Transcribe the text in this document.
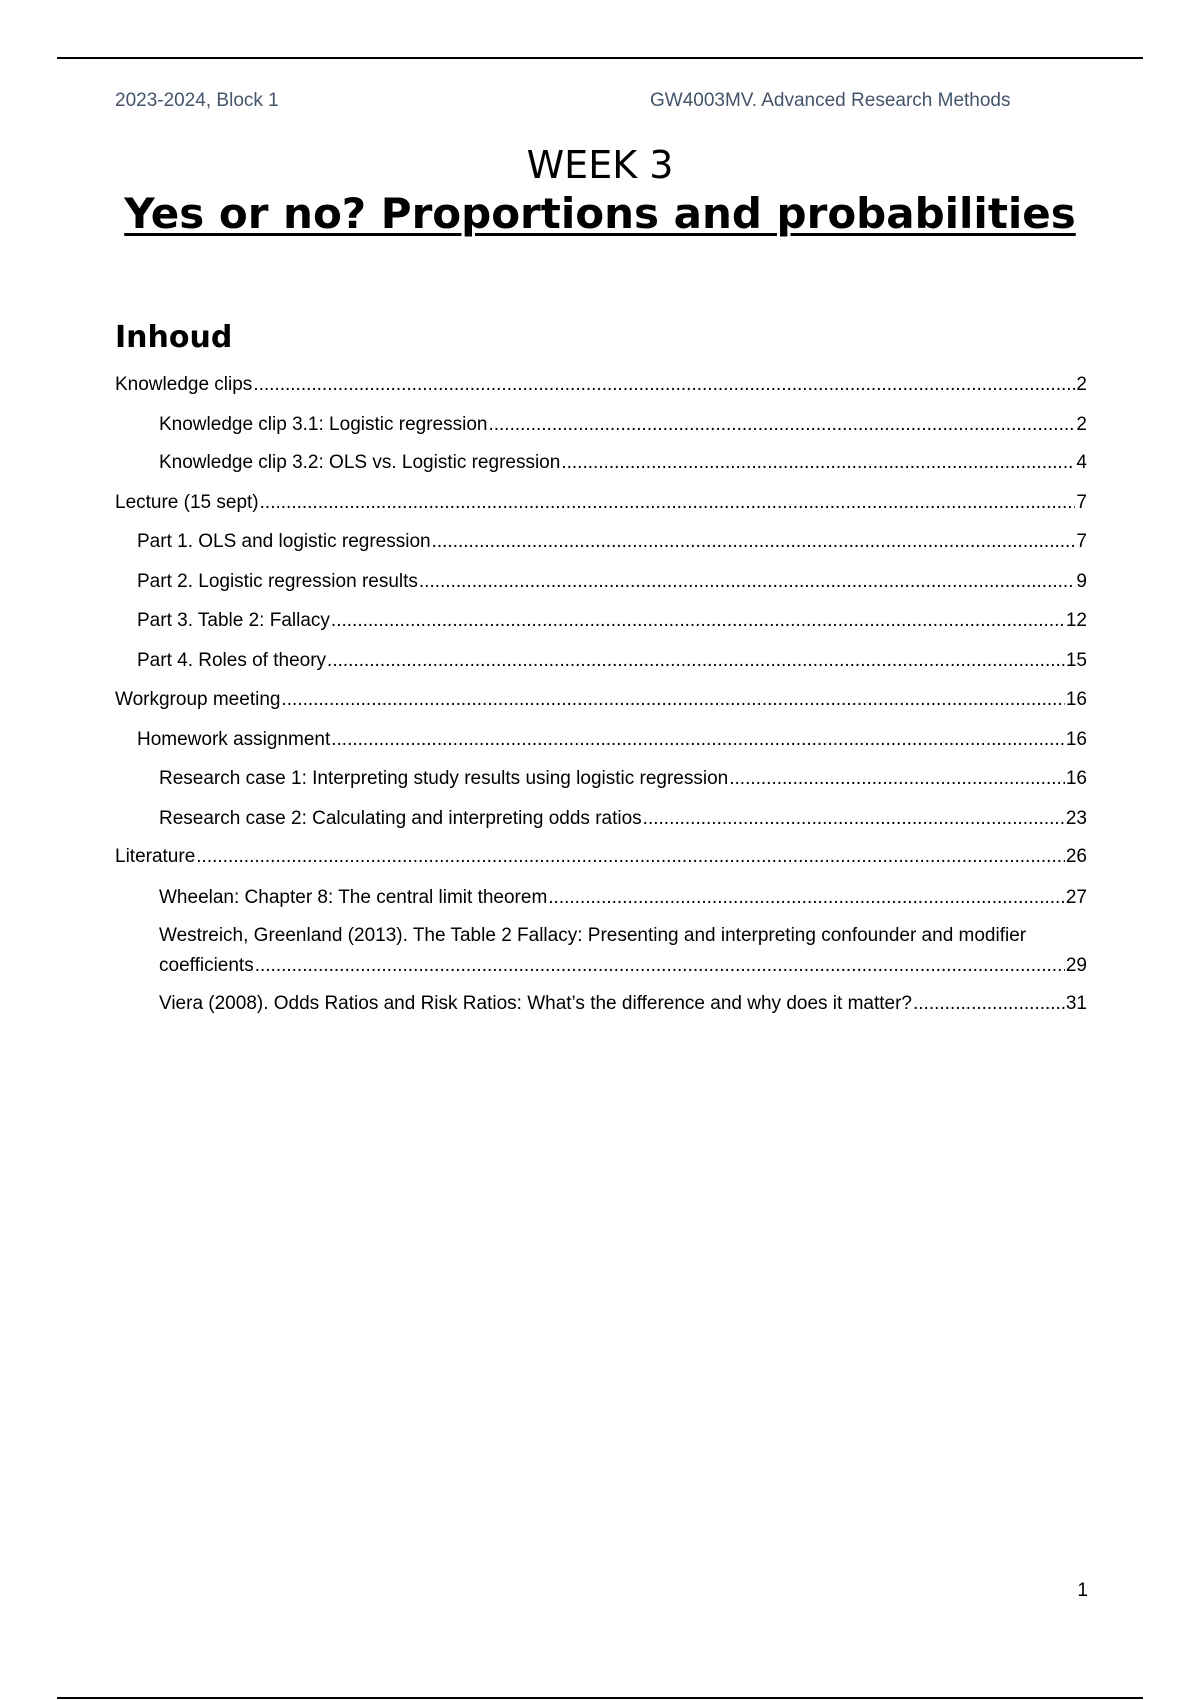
2023-2024, Block 1	GW4003MV. Advanced Research Methods
WEEK 3
Yes or no? Proportions and probabilities
Inhoud
Knowledge clips .....	2
Knowledge clip 3.1: Logistic regression .....	2
Knowledge clip 3.2: OLS vs. Logistic regression .....	4
Lecture (15 sept) .....	7
Part 1. OLS and logistic regression .....	7
Part 2. Logistic regression results .....	9
Part 3. Table 2: Fallacy .....	12
Part 4. Roles of theory .....	15
Workgroup meeting .....	16
Homework assignment .....	16
Research case 1: Interpreting study results using logistic regression .....	16
Research case 2: Calculating and interpreting odds ratios .....	23
Literature .....	26
Wheelan: Chapter 8: The central limit theorem .....	27
Westreich, Greenland (2013). The Table 2 Fallacy: Presenting and interpreting confounder and modifier
coefficients .....	29
Viera (2008). Odds Ratios and Risk Ratios: What’s the difference and why does it matter? .....	31
1
